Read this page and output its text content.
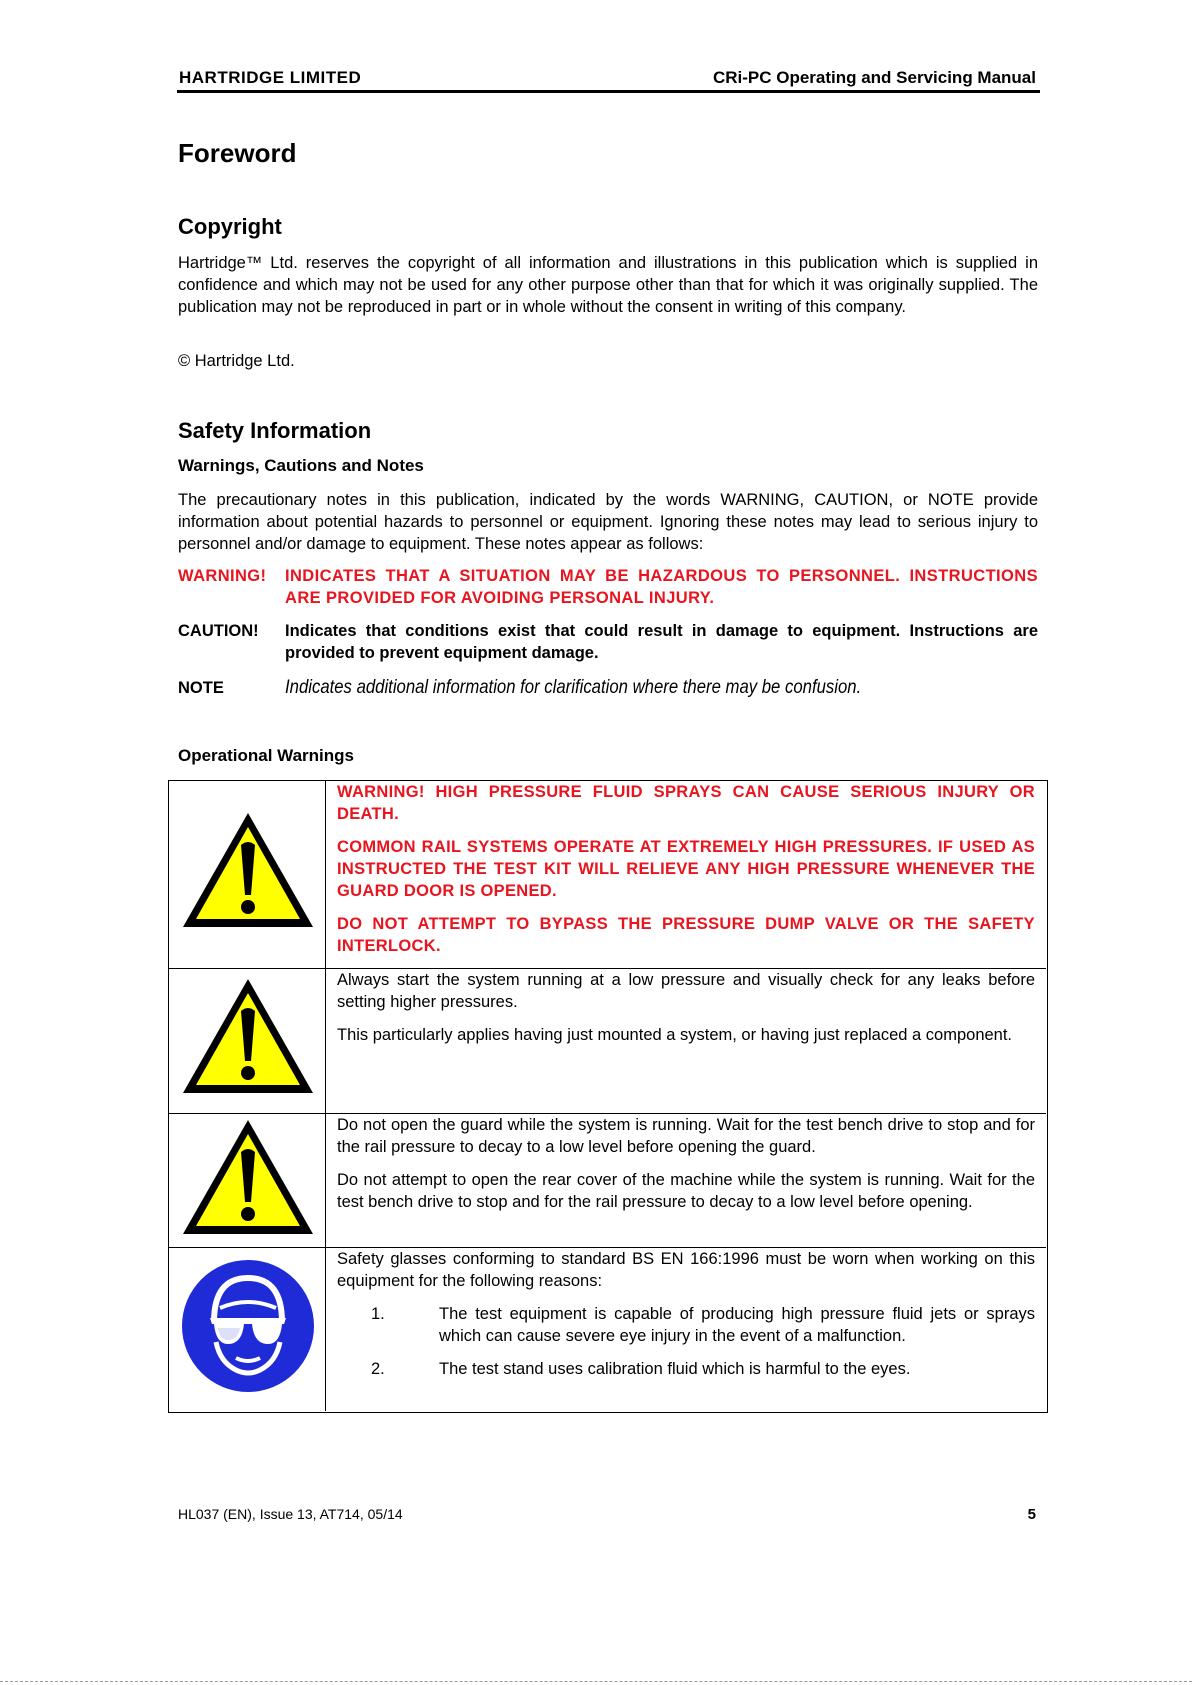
HARTRIDGE LIMITED	CRi-PC Operating and Servicing Manual
Foreword
Copyright
Hartridge™ Ltd. reserves the copyright of all information and illustrations in this publication which is supplied in confidence and which may not be used for any other purpose other than that for which it was originally supplied. The publication may not be reproduced in part or in whole without the consent in writing of this company.
© Hartridge Ltd.
Safety Information
Warnings, Cautions and Notes
The precautionary notes in this publication, indicated by the words WARNING, CAUTION, or NOTE provide information about potential hazards to personnel or equipment. Ignoring these notes may lead to serious injury to personnel and/or damage to equipment. These notes appear as follows:
WARNING! INDICATES THAT A SITUATION MAY BE HAZARDOUS TO PERSONNEL. INSTRUCTIONS ARE PROVIDED FOR AVOIDING PERSONAL INJURY.
CAUTION! Indicates that conditions exist that could result in damage to equipment. Instructions are provided to prevent equipment damage.
NOTE	Indicates additional information for clarification where there may be confusion.
Operational Warnings

WARNING! HIGH PRESSURE FLUID SPRAYS CAN CAUSE SERIOUS INJURY OR DEATH.

COMMON RAIL SYSTEMS OPERATE AT EXTREMELY HIGH PRESSURES. IF USED AS INSTRUCTED THE TEST KIT WILL RELIEVE ANY HIGH PRESSURE WHENEVER THE GUARD DOOR IS OPENED.

DO NOT ATTEMPT TO BYPASS THE PRESSURE DUMP VALVE OR THE SAFETY INTERLOCK.

Always start the system running at a low pressure and visually check for any leaks before setting higher pressures.

This particularly applies having just mounted a system, or having just replaced a component.

Do not open the guard while the system is running. Wait for the test bench drive to stop and for the rail pressure to decay to a low level before opening the guard.

Do not attempt to open the rear cover of the machine while the system is running. Wait for the test bench drive to stop and for the rail pressure to decay to a low level before opening.

Safety glasses conforming to standard BS EN 166:1996 must be worn when working on this equipment for the following reasons:

1.	The test equipment is capable of producing high pressure fluid jets or sprays which can cause severe eye injury in the event of a malfunction.
2.	The test stand uses calibration fluid which is harmful to the eyes.
HL037 (EN), Issue 13, AT714, 05/14	5
